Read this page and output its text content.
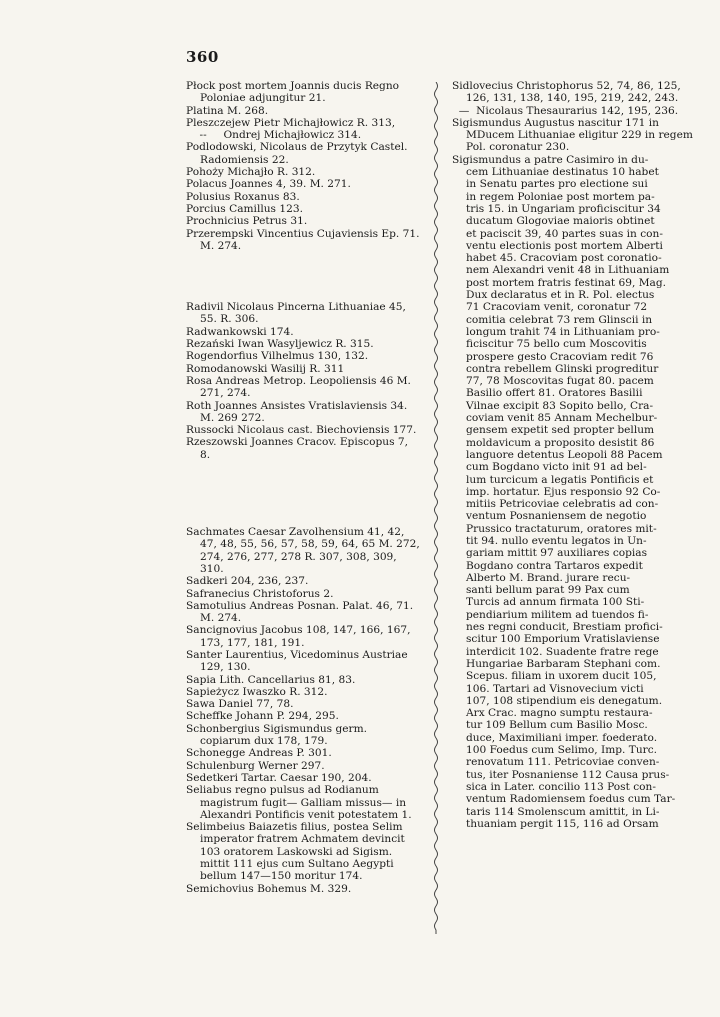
360
Płock post mortem Joannis ducis Regno Poloniae adjungitur 21.
Platina M. 268.
Pleszczejew Pietr Michajłowicz R. 313,
--     Ondrej Michajłowicz 314.
Podlodowski, Nicolaus de Przytyk Castel. Radomiensis 22.
Pohoży Michajło R. 312.
Polacus Joannes 4, 39. M. 271.
Polusius Roxanus 83.
Porcius Camillus 123.
Prochnicius Petrus 31.
Przerempski Vincentius Cujaviensis Ep. 71. M. 274.
Radivil Nicolaus Pincerna Lithuaniae 45, 55. R. 306.
Radwankowski 174.
Rezański Iwan Wasyljewicz R. 315.
Rogendorfius Vilhelmus 130, 132.
Romodanowski Wasilij R. 311
Rosa Andreas Metrop. Leopoliensis 46 M. 271, 274.
Roth Joannes Ansistes Vratislaviensis 34. M. 269 272.
Russocki Nicolaus cast. Biechoviensis 177.
Rzeszowski Joannes Cracov. Episcopus 7, 8.
Sachmates Caesar Zavolhensium 41, 42, 47, 48, 55, 56, 57, 58, 59, 64, 65 M. 272, 274, 276, 277, 278 R. 307, 308, 309, 310.
Sadkeri 204, 236, 237.
Safranecius Christoforus 2.
Samotulius Andreas Posnan. Palat. 46, 71. M. 274.
Sancignovius Jacobus 108, 147, 166, 167, 173, 177, 181, 191.
Santer Laurentius, Vicedominus Austriae 129, 130.
Sapia Lith. Cancellarius 81, 83.
Sapieżycz Iwaszko R. 312.
Sawa Daniel 77, 78.
Scheffke Johann P. 294, 295.
Schonbergius Sigismundus germ. copiarum dux 178, 179.
Schonegge Andreas P. 301.
Schulenburg Werner 297.
Sedetkeri Tartar. Caesar 190, 204.
Seliabus regno pulsus ad Rodianum magistrum fugit— Galliam missus— in Alexandri Pontificis venit potestatem 1.
Selimbeius Baiazetis filius, postea Selim imperator fratrem Achmatem devincit 103 oratorem Laskowski ad Sigism. mittit 111 ejus cum Sultano Aegypti bellum 147—150 moritur 174.
Semichovius Bohemus M. 329.
Sidlovecius Christophorus 52, 74, 86, 125, 126, 131, 138, 140, 195, 219, 242, 243.
—  Nicolaus Thesaurarius 142, 195, 236.
Sigismundus Augustus nascitur 171 in MDucem Lithuaniae eligitur 229 in regem Pol. coronatur 230.
Sigismundus a patre Casimiro in du-
cem Lithuaniae destinatus 10 habet
in Senatu partes pro electione sui
in regem Poloniae post mortem pa-
tris 15. in Ungariam proficiscitur 34
ducatum Glogoviae maioris obtinet
et paciscit 39, 40 partes suas in con-
ventu electionis post mortem Alberti
habet 45. Cracoviam post coronatio-
nem Alexandri venit 48 in Lithuaniam
post mortem fratris festinat 69, Mag.
Dux declaratus et in R. Pol. electus
71 Cracoviam venit, coronatur 72
comitia celebrat 73 rem Glinscii in
longum trahit 74 in Lithuaniam pro-
ficiscitur 75 bello cum Moscovitis
prospere gesto Cracoviam redit 76
contra rebellem Glinski progreditur
77, 78 Moscovitas fugat 80. pacem
Basilio offert 81. Oratores Basilii
Vilnae excipit 83 Sopito bello, Cra-
coviam venit 85 Annam Mechelbur-
gensem expetit sed propter bellum
moldavicum a proposito desistit 86
languore detentus Leopoli 88 Pacem
cum Bogdano victo init 91 ad bel-
lum turcicum a legatis Pontificis et
imp. hortatur. Ejus responsio 92 Co-
mitiis Petricoviae celebratis ad con-
ventum Posnaniensem de negotio
Prussico tractaturum, oratores mit-
tit 94. nullo eventu legatos in Un-
gariam mittit 97 auxiliares copias
Bogdano contra Tartaros expedit
Alberto M. Brand. jurare recu-
santi bellum parat 99 Pax cum
Turcis ad annum firmata 100 Sti-
pendiarium militem ad tuendos fi-
nes regni conducit, Brestiam profici-
scitur 100 Emporium Vratislaviense
interdicit 102. Suadente fratre rege
Hungariae Barbaram Stephani com.
Scepus. filiam in uxorem ducit 105,
106. Tartari ad Visnovecium victi
107, 108 stipendium eis denegatum.
Arx Crac. magno sumptu restaura-
tur 109 Bellum cum Basilio Mosc.
duce, Maximiliani imper. foederato.
100 Foedus cum Selimo, Imp. Turc.
renovatum 111. Petricoviae conven-
tus, iter Posnaniense 112 Causa prus-
sica in Later. concilio 113 Post con-
ventum Radomiensem foedus cum Tar-
taris 114 Smolenscum amittit, in Li-
thuaniam pergit 115, 116 ad Orsam
